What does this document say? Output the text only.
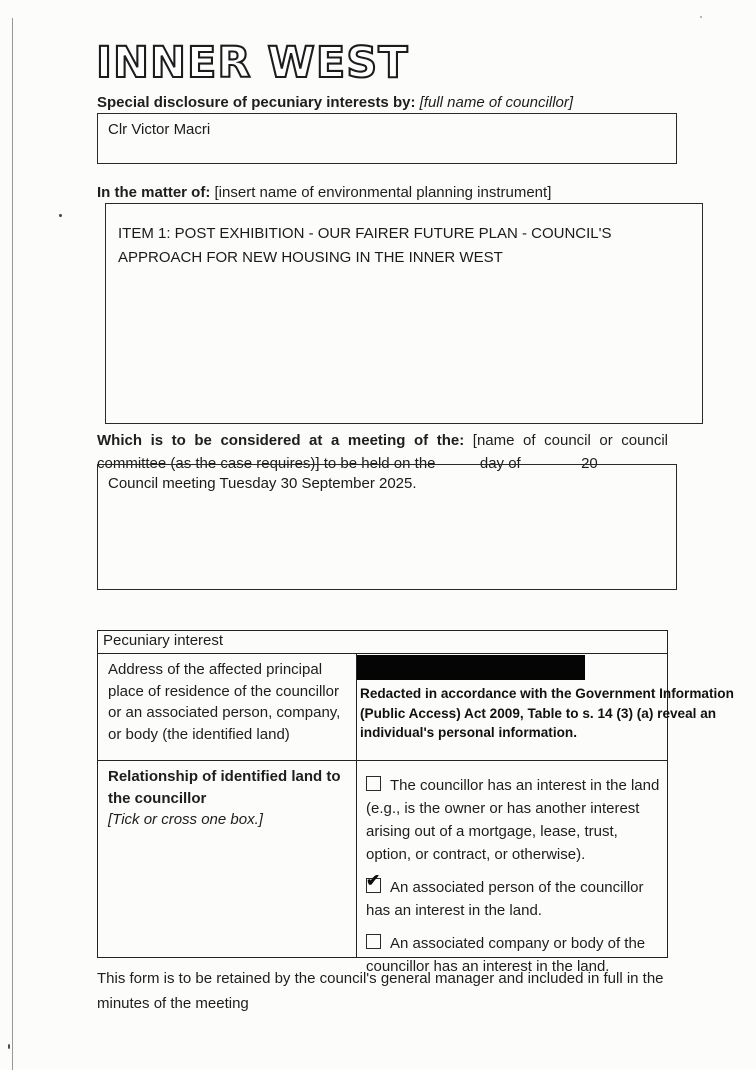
INNER WEST
Special disclosure of pecuniary interests by: [full name of councillor]
Clr Victor Macri
In the matter of: [insert name of environmental planning instrument]
ITEM 1: POST EXHIBITION - OUR FAIRER FUTURE PLAN - COUNCIL'S
APPROACH FOR NEW HOUSING IN THE INNER WEST
Which is to be considered at a meeting of the: [name of council or council
committee (as the case requires)] to be held on the	day of	20
Council meeting Tuesday 30 September 2025.
Pecuniary interest
Address of the affected principal place of residence of the councillor or an associated person, company, or body (the identified land)
Redacted in accordance with the Government Information (Public Access) Act 2009, Table to s. 14 (3) (a) reveal an individual's personal information.
Relationship of identified land to the councillor
[Tick or cross one box.]
The councillor has an interest in the land (e.g., is the owner or has another interest arising out of a mortgage, lease, trust, option, or contract, or otherwise).
✔ An associated person of the councillor has an interest in the land.
An associated company or body of the councillor has an interest in the land.
This form is to be retained by the council's general manager and included in full in the minutes of the meeting
